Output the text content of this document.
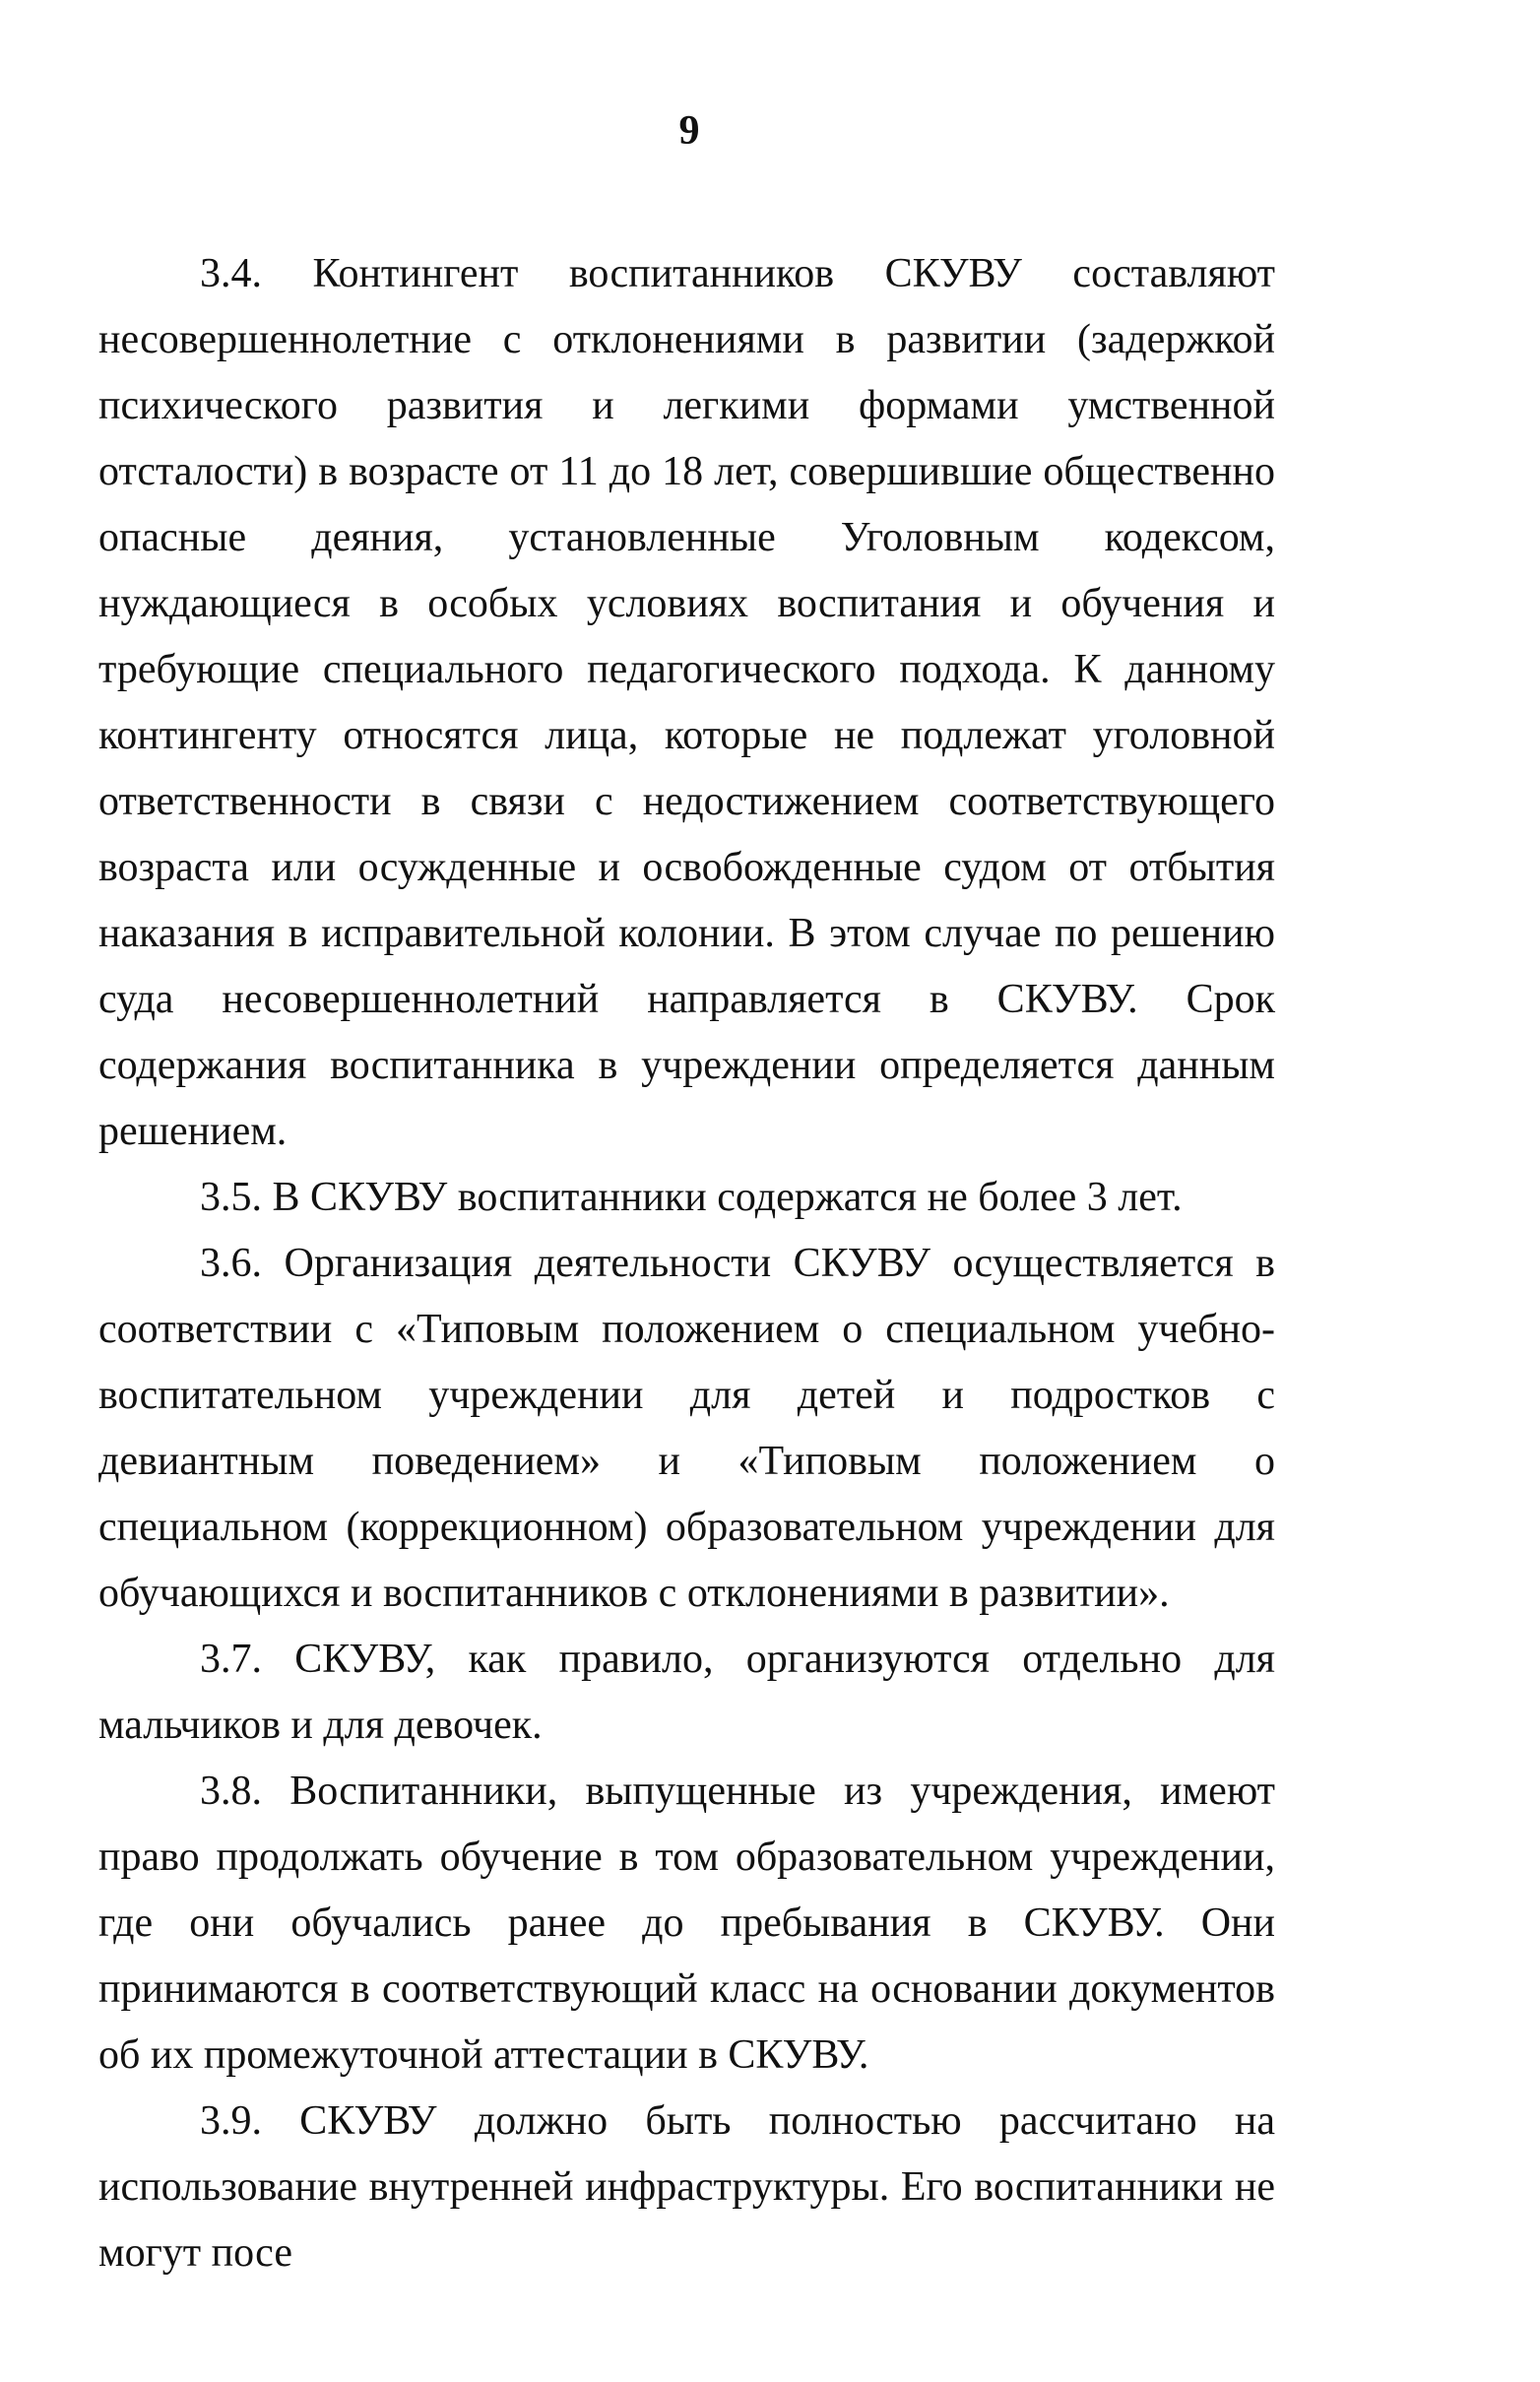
9

3.4. Контингент воспитанников СКУВУ составляют несовершеннолетние с отклонениями в развитии (задержкой психического развития и легкими формами умственной отсталости) в возрасте от 11 до 18 лет, совершившие общественно опасные деяния, установленные Уголовным кодексом, нуждающиеся в особых условиях воспитания и обучения и требующие специального педагогического подхода. К данному контингенту относятся лица, которые не подлежат уголовной ответственности в связи с недостижением соответствующего возраста или осужденные и освобожденные судом от отбытия наказания в исправительной колонии. В этом случае по решению суда несовершеннолетний направляется в СКУВУ. Срок содержания воспитанника в учреждении определяется данным решением.

3.5. В СКУВУ воспитанники содержатся не более 3 лет.

3.6. Организация деятельности СКУВУ осуществляется в соответствии с «Типовым положением о специальном учебно-воспитательном учреждении для детей и подростков с девиантным поведением» и «Типовым положением о специальном (коррекционном) образовательном учреждении для обучающихся и воспитанников с отклонениями в развитии».

3.7. СКУВУ, как правило, организуются отдельно для мальчиков и для девочек.

3.8. Воспитанники, выпущенные из учреждения, имеют право продолжать обучение в том образовательном учреждении, где они обучались ранее до пребывания в СКУВУ. Они принимаются в соответствующий класс на основании документов об их промежуточной аттестации в СКУВУ.

3.9. СКУВУ должно быть полностью рассчитано на использование внутренней инфраструктуры. Его воспитанники не могут посе
